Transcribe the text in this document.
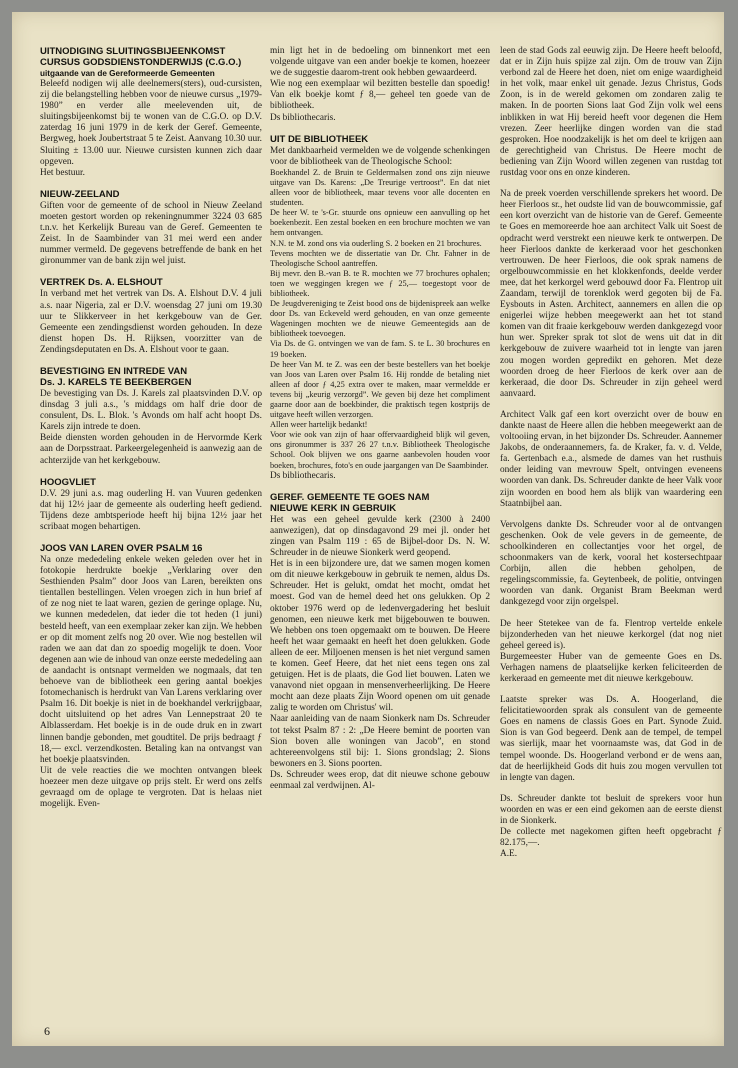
UITNODIGING SLUITINGSBIJEENKOMST
CURSUS GODSDIENSTONDERWIJS (C.G.O.)
uitgaande van de Gereformeerde Gemeenten

Beleefd nodigen wij alle deelnemers(sters), oud-cursisten, zij die belangstelling hebben voor de nieuwe cursus „1979-1980” en verder alle meelevenden uit, de sluitingsbijeenkomst bij te wonen van de C.G.O. op D.V. zaterdag 16 juni 1979 in de kerk der Geref. Gemeente, Bergweg, hoek Joubertstraat 5 te Zeist. Aanvang 10.30 uur. Sluiting ± 13.00 uur. Nieuwe cursisten kunnen zich daar opgeven.

Het bestuur.

NIEUW-ZEELAND

Giften voor de gemeente of de school in Nieuw Zeeland moeten gestort worden op rekeningnummer 3224 03 685 t.n.v. het Kerkelijk Bureau van de Geref. Gemeenten te Zeist. In de Saambinder van 31 mei werd een ander nummer vermeld. De gegevens betreffende de bank en het gironummer van de bank zijn wel juist.

VERTREK Ds. A. ELSHOUT

In verband met het vertrek van Ds. A. Elshout D.V. 4 juli a.s. naar Nigeria, zal er D.V. woensdag 27 juni om 19.30 uur te Slikkerveer in het kerkgebouw van de Ger. Gemeente een zendingsdienst worden gehouden. In deze dienst hopen Ds. H. Rijksen, voorzitter van de Zendingsdeputaten en Ds. A. Elshout voor te gaan.

BEVESTIGING EN INTREDE VAN
Ds. J. KARELS TE BEEKBERGEN

De bevestiging van Ds. J. Karels zal plaatsvinden D.V. op dinsdag 3 juli a.s., 's middags om half drie door de consulent, Ds. L. Blok. 's Avonds om half acht hoopt Ds. Karels zijn intrede te doen.
Beide diensten worden gehouden in de Hervormde Kerk aan de Dorpsstraat. Parkeergelegenheid is aanwezig aan de achterzijde van het kerkgebouw.

HOOGVLIET

D.V. 29 juni a.s. mag ouderling H. van Vuuren gedenken dat hij 12½ jaar de gemeente als ouderling heeft gediend. Tijdens deze ambtsperiode heeft hij bijna 12½ jaar het scribaat mogen behartigen.

JOOS VAN LAREN OVER PSALM 16

Na onze mededeling enkele weken geleden over het in fotokopie herdrukte boekje „Verklaring over den Sesthienden Psalm” door Joos van Laren, bereikten ons tientallen bestellingen. Velen vroegen zich in hun brief af of ze nog niet te laat waren, gezien de geringe oplage. Nu, we kunnen mededelen, dat ieder die tot heden (1 juni) besteld heeft, van een exemplaar zeker kan zijn. We hebben er op dit moment zelfs nog 20 over. Wie nog bestellen wil raden we aan dat dan zo spoedig mogelijk te doen. Voor degenen aan wie de inhoud van onze eerste mededeling aan de aandacht is ontsnapt vermelden we nogmaals, dat ten behoeve van de bibliotheek een gering aantal boekjes fotomechanisch is herdrukt van Van Larens verklaring over Psalm 16. Dit boekje is niet in de boekhandel verkrijgbaar, docht uitsluitend op het adres Van Lennepstraat 20 te Alblasserdam. Het boekje is in de oude druk en in zwart linnen bandje gebonden, met goudtitel. De prijs bedraagt ƒ 18,— excl. verzendkosten. Betaling kan na ontvangst van het boekje plaatsvinden.
Uit de vele reacties die we mochten ontvangen bleek hoezeer men deze uitgave op prijs stelt. Er werd ons zelfs gevraagd om de oplage te vergroten. Dat is helaas niet mogelijk. Even-

min ligt het in de bedoeling om binnenkort met een volgende uitgave van een ander boekje te komen, hoezeer we de suggestie daarom-trent ook hebben gewaardeerd.

Wie nog een exemplaar wil bezitten bestelle dan spoedig! Van elk boekje komt ƒ 8,— geheel ten goede van de bibliotheek.

Ds bibliothecaris.

UIT DE BIBLIOTHEEK

Met dankbaarheid vermelden we de volgende schenkingen voor de bibliotheek van de Theologische School:

Boekhandel Z. de Bruin te Geldermalsen zond ons zijn nieuwe uitgave van Ds. Karens: „De Treurige vertroost”. En dat niet alleen voor de bibliotheek, maar tevens voor alle docenten en studenten.
De heer W. te 's-Gr. stuurde ons opnieuw een aanvulling op het boekenbezit. Een zestal boeken en een brochure mochten we van hem ontvangen.
N.N. te M. zond ons via ouderling S. 2 boeken en 21 brochures.
Tevens mochten we de dissertatie van Dr. Chr. Fahner in de Theologische School aantreffen.
Bij mevr. den B.-van B. te R. mochten we 77 brochures ophalen; toen we weggingen kregen we ƒ 25,— toegestopt voor de bibliotheek.
De Jeugdvereniging te Zeist bood ons de bijdenispreek aan welke door Ds. van Eckeveld werd gehouden, en van onze gemeente Wageningen mochten we de nieuwe Gemeentegids aan de bibliotheek toevoegen.
Via Ds. de G. ontvingen we van de fam. S. te L. 30 brochures en 19 boeken.
De heer Van M. te Z. was een der beste bestellers van het boekje van Joos van Laren over Psalm 16. Hij rondde de betaling niet alleen af door ƒ 4,25 extra over te maken, maar vermeldde er tevens bij „keurig verzorgd”. We geven bij deze het compliment gaarne door aan de boekbinder, die praktisch tegen kostprijs de uitgave heeft willen verzorgen.
Allen weer hartelijk bedankt!
Voor wie ook van zijn of haar offervaardigheid blijk wil geven, ons gironummer is 337 26 27 t.n.v. Bibliotheek Theologische School. Ook blijven we ons gaarne aanbevolen houden voor boeken, brochures, foto's en oude jaargangen van De Saambinder.

Ds bibliothecaris.

GEREF. GEMEENTE TE GOES NAM
NIEUWE KERK IN GEBRUIK

Het was een geheel gevulde kerk (2300 à 2400 aanwezigen), dat op dinsdagavond 29 mei jl. onder het zingen van Psalm 119 : 65 de Bijbel-door Ds. N. W. Schreuder in de nieuwe Sionkerk werd geopend.
Het is in een bijzondere ure, dat we samen mogen komen om dit nieuwe kerkgebouw in gebruik te nemen, aldus Ds. Schreuder. Het is gelukt, omdat het mocht, omdat het moest. God van de hemel deed het ons gelukken. Op 2 oktober 1976 werd op de ledenvergadering het besluit genomen, een nieuwe kerk met bijgebouwen te bouwen. We hebben ons toen opgemaakt om te bouwen. De Heere heeft het waar gemaakt en heeft het doen gelukken. Gode alleen de eer. Miljoenen mensen is het niet vergund samen te komen. Geef Heere, dat het niet eens tegen ons zal getuigen. Het is de plaats, die God liet bouwen. Laten we vanavond niet opgaan in mensenverheerlijking. De Heere mocht aan deze plaats Zijn Woord openen om uit genade zalig te worden om Christus' wil.
Naar aanleiding van de naam Sionkerk nam Ds. Schreuder tot tekst Psalm 87 : 2: „De Heere bemint de poorten van Sion boven alle woningen van Jacob”, en stond achtereenvolgens stil bij: 1. Sions grondslag; 2. Sions bewoners en 3. Sions poorten.
Ds. Schreuder wees erop, dat dit nieuwe schone gebouw eenmaal zal verdwijnen. Al-

leen de stad Gods zal eeuwig zijn. De Heere heeft beloofd, dat er in Zijn huis spijze zal zijn. Om de trouw van Zijn verbond zal de Heere het doen, niet om enige waardigheid in het volk, maar enkel uit genade. Jezus Christus, Gods Zoon, is in de wereld gekomen om zondaren zalig te maken. In de poorten Sions laat God Zijn volk wel eens inblikken in wat Hij bereid heeft voor degenen die Hem vrezen. Zeer heerlijke dingen worden van die stad gesproken. Hoe noodzakelijk is het om deel te krijgen aan de gerechtigheid van Christus. De Heere mocht de bediening van Zijn Woord willen zegenen van rustdag tot rustdag voor ons en onze kinderen.

Na de preek voerden verschillende sprekers het woord. De heer Fierloos sr., het oudste lid van de bouwcommissie, gaf een kort overzicht van de historie van de Geref. Gemeente te Goes en memoreerde hoe aan architect Valk uit Soest de opdracht werd verstrekt een nieuwe kerk te ontwerpen. De heer Fierloos dankte de kerkeraad voor het geschonken vertrouwen. De heer Fierloos, die ook sprak namens de orgelbouwcommissie en het klokkenfonds, deelde verder mee, dat het kerkorgel werd gebouwd door Fa. Flentrop uit Zaandam, terwijl de torenklok werd gegoten bij de Fa. Eysbouts in Asten. Architect, aannemers en allen die op enigerlei wijze hebben meegewerkt aan het tot stand komen van dit fraaie kerkgebouw werden dankgezegd voor hun wer. Spreker sprak tot slot de wens uit dat in dit kerkgebouw de zuivere waarheid tot in lengte van jaren zou mogen worden gepredikt en gehoren. Met deze woorden droeg de heer Fierloos de kerk over aan de kerkeraad, die door Ds. Schreuder in zijn geheel werd aanvaard.

Architect Valk gaf een kort overzicht over de bouw en dankte naast de Heere allen die hebben meegewerkt aan de voltooiing ervan, in het bijzonder Ds. Schreuder. Aannemer Jakobs, de onderaannemers, fa. de Kraker, fa. v. d. Velde, fa. Gertenbach e.a., alsmede de dames van het rusthuis onder leiding van mevrouw Spelt, ontvingen eveneens woorden van dank. Ds. Schreuder dankte de heer Valk voor zijn woorden en bood hem als blijk van waardering een Staatnbijbel aan.

Vervolgens dankte Ds. Schreuder voor al de ontvangen geschenken. Ook de vele gevers in de gemeente, de schoolkinderen en collectantjes voor het orgel, de schoonmakers van de kerk, vooral het kostersechtpaar Corbijn, allen die hebben geholpen, de regelingscommissie, fa. Geytenbeek, de politie, ontvingen woorden van dank. Organist Bram Beekman werd dankgezegd voor zijn orgelspel.

De heer Stetekee van de fa. Flentrop vertelde enkele bijzonderheden van het nieuwe kerkorgel (dat nog niet geheel gereed is).
Burgemeester Huber van de gemeente Goes en Ds. Verhagen namens de plaatselijke kerken feliciteerden de kerkeraad en gemeente met dit nieuwe kerkgebouw.

Laatste spreker was Ds. A. Hoogerland, die felicitatiewoorden sprak als consulent van de gemeente Goes en namens de classis Goes en Part. Synode Zuid. Sion is van God begeerd. Denk aan de tempel, de tempel was sierlijk, maar het voornaamste was, dat God in de tempel woonde. Ds. Hoogerland verbond er de wens aan, dat de heerlijkheid Gods dit huis zou mogen vervullen tot in lengte van dagen.

Ds. Schreuder dankte tot besluit de sprekers voor hun woorden en was er een eind gekomen aan de eerste dienst in de Sionkerk.
De collecte met nagekomen giften heeft opgebracht ƒ 82.175,—.

A.E.

6
